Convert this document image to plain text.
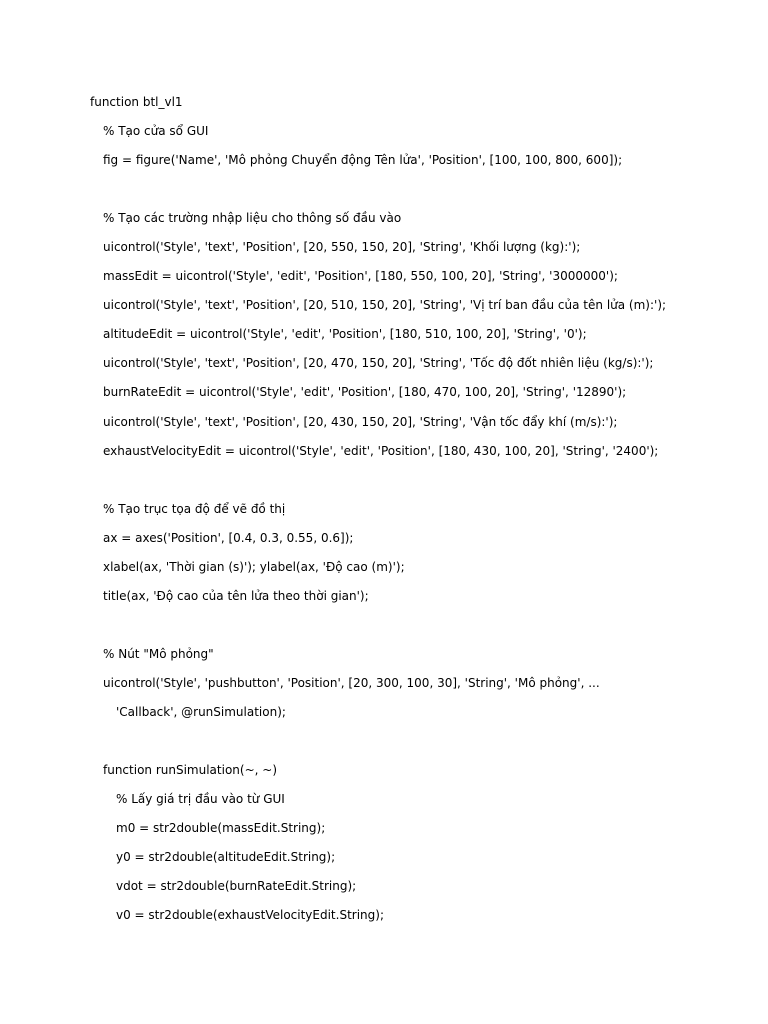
function btl_vl1
% Tạo cửa sổ GUI
fig = figure('Name', 'Mô phỏng Chuyển động Tên lửa', 'Position', [100, 100, 800, 600]);
% Tạo các trường nhập liệu cho thông số đầu vào
uicontrol('Style', 'text', 'Position', [20, 550, 150, 20], 'String', 'Khối lượng (kg):');
massEdit = uicontrol('Style', 'edit', 'Position', [180, 550, 100, 20], 'String', '3000000');
uicontrol('Style', 'text', 'Position', [20, 510, 150, 20], 'String', 'Vị trí ban đầu của tên lửa (m):');
altitudeEdit = uicontrol('Style', 'edit', 'Position', [180, 510, 100, 20], 'String', '0');
uicontrol('Style', 'text', 'Position', [20, 470, 150, 20], 'String', 'Tốc độ đốt nhiên liệu (kg/s):');
burnRateEdit = uicontrol('Style', 'edit', 'Position', [180, 470, 100, 20], 'String', '12890');
uicontrol('Style', 'text', 'Position', [20, 430, 150, 20], 'String', 'Vận tốc đẩy khí (m/s):');
exhaustVelocityEdit = uicontrol('Style', 'edit', 'Position', [180, 430, 100, 20], 'String', '2400');
% Tạo trục tọa độ để vẽ đồ thị
ax = axes('Position', [0.4, 0.3, 0.55, 0.6]);
xlabel(ax, 'Thời gian (s)'); ylabel(ax, 'Độ cao (m)');
title(ax, 'Độ cao của tên lửa theo thời gian');
% Nút "Mô phỏng"
uicontrol('Style', 'pushbutton', 'Position', [20, 300, 100, 30], 'String', 'Mô phỏng', ...
'Callback', @runSimulation);
function runSimulation(~, ~)
% Lấy giá trị đầu vào từ GUI
m0 = str2double(massEdit.String);
y0 = str2double(altitudeEdit.String);
vdot = str2double(burnRateEdit.String);
v0 = str2double(exhaustVelocityEdit.String);
